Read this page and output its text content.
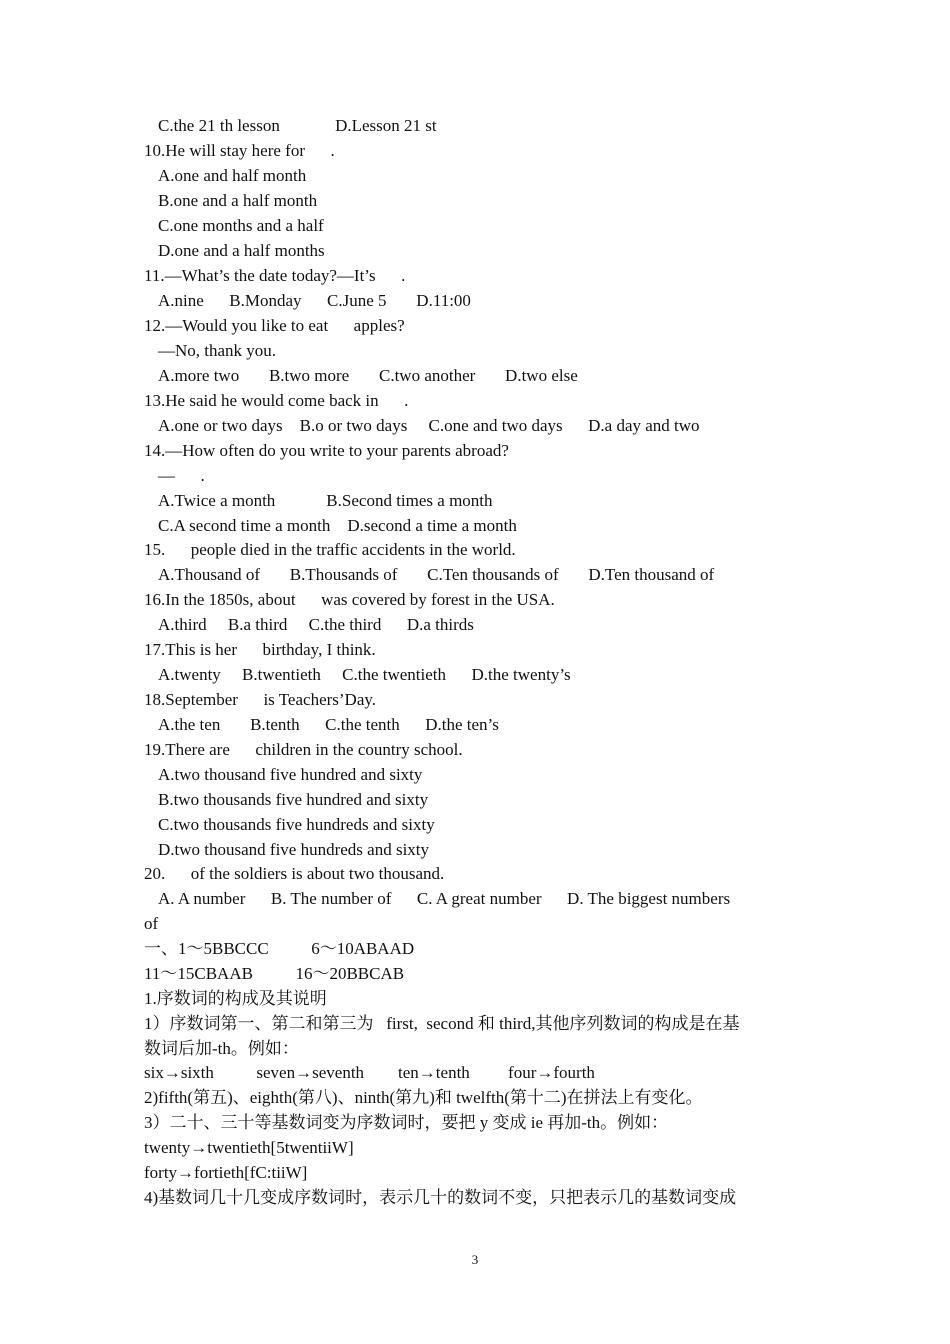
C.the 21 th lesson             D.Lesson 21 st
10.He will stay here for      .
A.one and half month
B.one and a half month
C.one months and a half
D.one and a half months
11.—What’s the date today?—It’s      .
A.nine      B.Monday      C.June 5       D.11:00
12.—Would you like to eat      apples?
—No, thank you.
A.more two       B.two more       C.two another       D.two else
13.He said he would come back in      .
A.one or two days    B.o or two days     C.one and two days      D.a day and two
14.—How often do you write to your parents abroad?
—      .
A.Twice a month            B.Second times a month
C.A second time a month    D.second a time a month
15.      people died in the traffic accidents in the world.
A.Thousand of       B.Thousands of       C.Ten thousands of       D.Ten thousand of
16.In the 1850s, about      was covered by forest in the USA.
A.third     B.a third     C.the third      D.a thirds
17.This is her      birthday, I think.
A.twenty     B.twentieth     C.the twentieth      D.the twenty’s
18.September      is Teachers’Day.
A.the ten       B.tenth      C.the tenth      D.the ten’s
19.There are      children in the country school.
A.two thousand five hundred and sixty
B.two thousands five hundred and sixty
C.two thousands five hundreds and sixty
D.two thousand five hundreds and sixty
20.      of the soldiers is about two thousand.
A. A number      B. The number of      C. A great number      D. The biggest numbers
of
一、1～5BBCCC          6～10ABAAD
11～15CBAAB          16～20BBCAB
1.序数词的构成及其说明
1）序数词第一、第二和第三为   first,  second 和 third,其他序列数词的构成是在基
数词后加-th。例如：
six→sixth          seven→seventh        ten→tenth         four→fourth
2)fifth(第五)、eighth(第八)、ninth(第九)和 twelfth(第十二)在拼法上有变化。
3）二十、三十等基数词变为序数词时，要把 y 变成 ie 再加-th。例如：
twenty→twentieth[5twentiiW]
forty→fortieth[fC:tiiW]
4)基数词几十几变成序数词时，表示几十的数词不变，只把表示几的基数词变成
3
